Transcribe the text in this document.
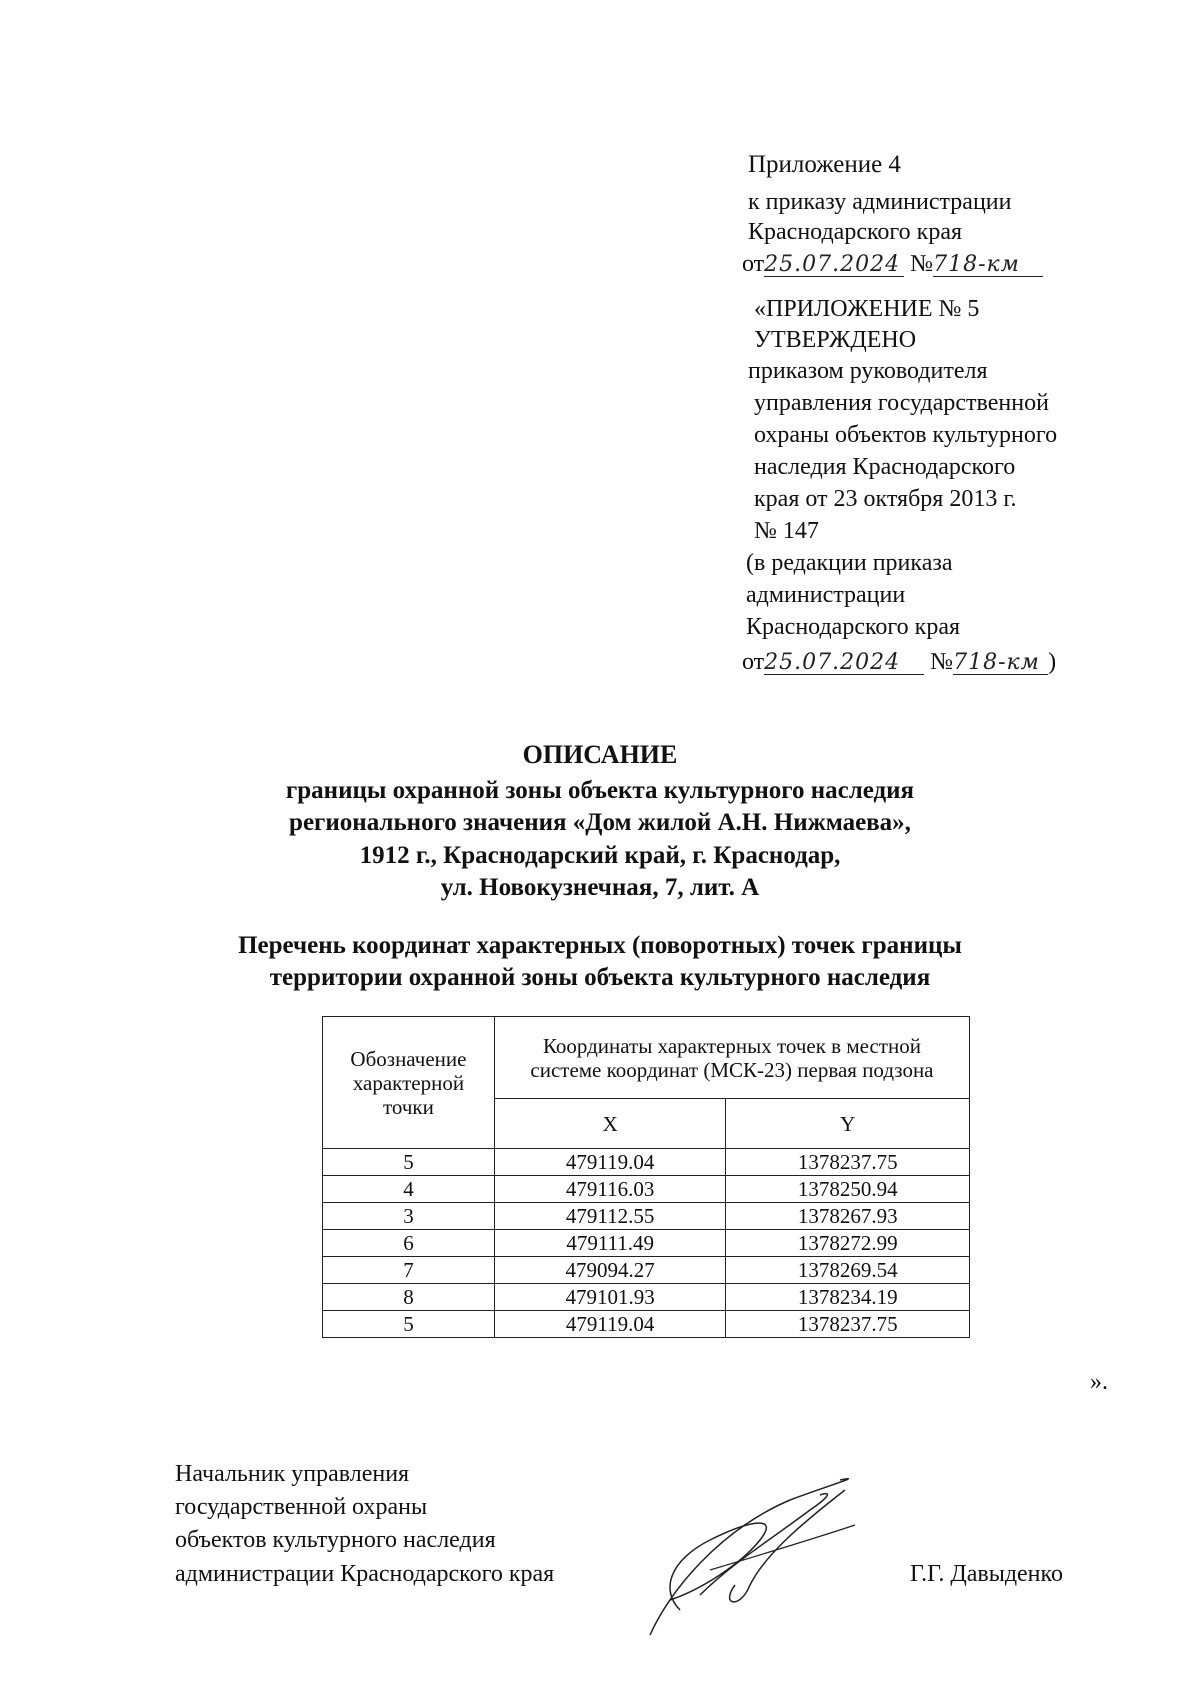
Приложение 4
к приказу администрации
Краснодарского края
от25.07.2024 №718-км
«ПРИЛОЖЕНИЕ № 5
УТВЕРЖДЕНО
приказом руководителя
управления государственной
охраны объектов культурного
наследия Краснодарского
края от 23 октября 2013 г.
№ 147
(в редакции приказа
администрации
Краснодарского края
от25.07.2024 №718-км )
ОПИСАНИЕ
границы охранной зоны объекта культурного наследия
регионального значения «Дом жилой А.Н. Нижмаева»,
1912 г., Краснодарский край, г. Краснодар,
ул. Новокузнечная, 7, лит. А
Перечень координат характерных (поворотных) точек границы
территории охранной зоны объекта культурного наследия
Обозначение характерной точки	Координаты характерных точек в местной системе координат (МСК-23) первая подзона	
	X	Y
5	479119.04	1378237.75
4	479116.03	1378250.94
3	479112.55	1378267.93
6	479111.49	1378272.99
7	479094.27	1378269.54
8	479101.93	1378234.19
5	479119.04	1378237.75
».
Начальник управления
государственной охраны
объектов культурного наследия
администрации Краснодарского края	Г.Г. Давыденко
